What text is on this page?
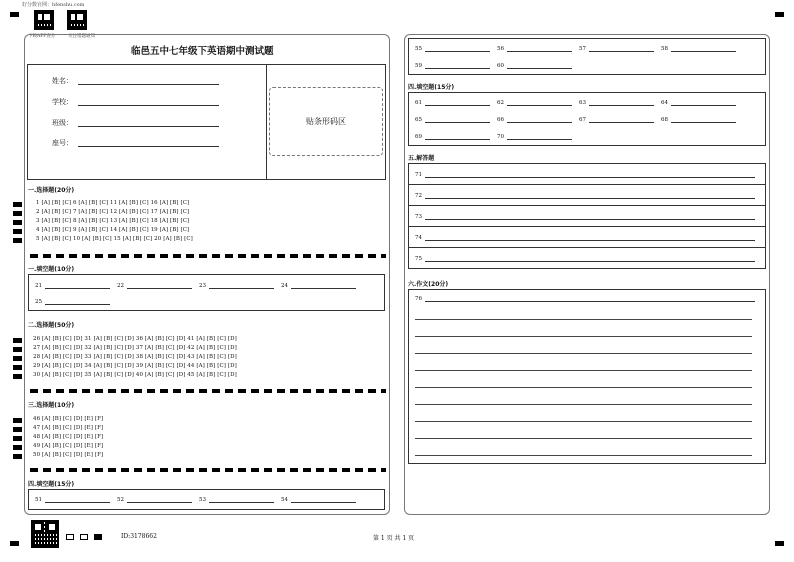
好分数官网：hfenshu.com
下载APP查分	关注错题通知
临邑五中七年级下英语期中测试题
姓名：
学校：
班级：
座号：
贴条形码区
一.选择题(20分)
1 [A] [B] [C] 6 [A] [B] [C] 11 [A] [B] [C] 16 [A] [B] [C]
2 [A] [B] [C] 7 [A] [B] [C] 12 [A] [B] [C] 17 [A] [B] [C]
3 [A] [B] [C] 8 [A] [B] [C] 13 [A] [B] [C] 18 [A] [B] [C]
4 [A] [B] [C] 9 [A] [B] [C] 14 [A] [B] [C] 19 [A] [B] [C]
5 [A] [B] [C] 10 [A] [B] [C] 15 [A] [B] [C] 20 [A] [B] [C]
一.填空题(10分)
21	22	23	24
25
二.选择题(50分)
26 [A] [B] [C] [D] 31 [A] [B] [C] [D] 36 [A] [B] [C] [D] 41 [A] [B] [C] [D]
27 [A] [B] [C] [D] 32 [A] [B] [C] [D] 37 [A] [B] [C] [D] 42 [A] [B] [C] [D]
28 [A] [B] [C] [D] 33 [A] [B] [C] [D] 38 [A] [B] [C] [D] 43 [A] [B] [C] [D]
29 [A] [B] [C] [D] 34 [A] [B] [C] [D] 39 [A] [B] [C] [D] 44 [A] [B] [C] [D]
30 [A] [B] [C] [D] 35 [A] [B] [C] [D] 40 [A] [B] [C] [D] 45 [A] [B] [C] [D]
三.选择题(10分)
46 [A] [B] [C] [D] [E] [F]
47 [A] [B] [C] [D] [E] [F]
48 [A] [B] [C] [D] [E] [F]
49 [A] [B] [C] [D] [E] [F]
50 [A] [B] [C] [D] [E] [F]
四.填空题(15分)
51	52	53	54
ID:3178662	第 1 页 共 1 页
55	56	57	58
59	60
四.填空题(15分)
61	62	63	64
65	66	67	68
69	70
五.解答题
71
72
73
74
75
六.作文(20分)
76
